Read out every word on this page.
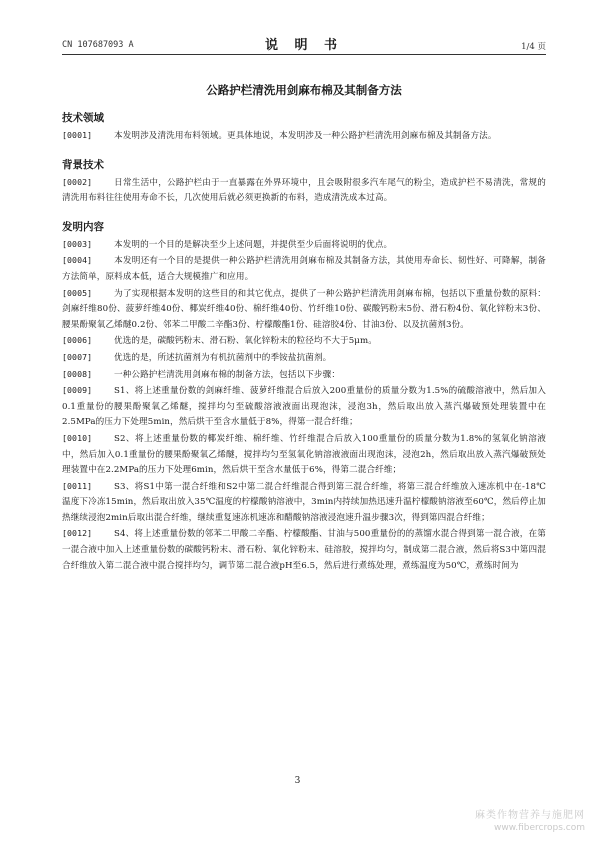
CN 107687093 A	说 明 书	1/4 页
公路护栏清洗用剑麻布棉及其制备方法
技术领域
[0001]	本发明涉及清洗用布料领域。更具体地说，本发明涉及一种公路护栏清洗用剑麻布棉及其制备方法。
背景技术
[0002]	日常生活中，公路护栏由于一直暴露在外界环境中，且会吸附很多汽车尾气的粉尘，造成护栏不易清洗，常规的清洗用布料往往使用寿命不长，几次使用后就必须更换新的布料，造成清洗成本过高。
发明内容
[0003]	本发明的一个目的是解决至少上述问题，并提供至少后面将说明的优点。
[0004]	本发明还有一个目的是提供一种公路护栏清洗用剑麻布棉及其制备方法，其使用寿命长、韧性好、可降解，制备方法简单，原料成本低，适合大规模推广和应用。
[0005]	为了实现根据本发明的这些目的和其它优点，提供了一种公路护栏清洗用剑麻布棉，包括以下重量份数的原料：剑麻纤维80份、菠萝纤维40份、椰炭纤维40份、棉纤维40份、竹纤维10份、碳酸钙粉末5份、滑石粉4份、氧化锌粉末3份、腰果酚聚氧乙烯醚0.2份、邻苯二甲酸二辛酯3份、柠檬酸酯1份、硅溶胶4份、甘油3份、以及抗菌剂3份。
[0006]	优选的是，碳酸钙粉末、滑石粉、氧化锌粉末的粒径均不大于5μm。
[0007]	优选的是，所述抗菌剂为有机抗菌剂中的季铵盐抗菌剂。
[0008]	一种公路护栏清洗用剑麻布棉的制备方法，包括以下步骤：
[0009]	S1、将上述重量份数的剑麻纤维、菠萝纤维混合后放入200重量份的质量分数为1.5%的硫酸溶液中，然后加入0.1重量份的腰果酚聚氧乙烯醚，搅拌均匀至硫酸溶液液面出现泡沫，浸泡3h，然后取出放入蒸汽爆破预处理装置中在2.5MPa的压力下处理5min，然后烘干至含水量低于8%，得第一混合纤维；
[0010]	S2、将上述重量份数的椰炭纤维、棉纤维、竹纤维混合后放入100重量份的质量分数为1.8%的氢氧化钠溶液中，然后加入0.1重量份的腰果酚聚氧乙烯醚，搅拌均匀至氢氧化钠溶液液面出现泡沫，浸泡2h，然后取出放入蒸汽爆破预处理装置中在2.2MPa的压力下处理6min，然后烘干至含水量低于6%，得第二混合纤维；
[0011]	S3、将S1中第一混合纤维和S2中第二混合纤维混合得到第三混合纤维，将第三混合纤维放入速冻机中在-18℃温度下冷冻15min，然后取出放入35℃温度的柠檬酸钠溶液中，3min内持续加热迅速升温柠檬酸钠溶液至60℃，然后停止加热继续浸泡2min后取出混合纤维，继续重复速冻机速冻和醋酸钠溶液浸泡速升温步骤3次，得到第四混合纤维；
[0012]	S4、将上述重量份数的邻苯二甲酸二辛酯、柠檬酸酯、甘油与500重量份的的蒸馏水混合得到第一混合液，在第一混合液中加入上述重量份数的碳酸钙粉末、滑石粉、氧化锌粉末、硅溶胶，搅拌均匀，制成第二混合液，然后将S3中第四混合纤维放入第二混合液中混合搅拌均匀，调节第二混合液pH至6.5，然后进行煮练处理，煮练温度为50℃，煮练时间为
3
麻类作物营养与施肥网
www.fibercrops.com
